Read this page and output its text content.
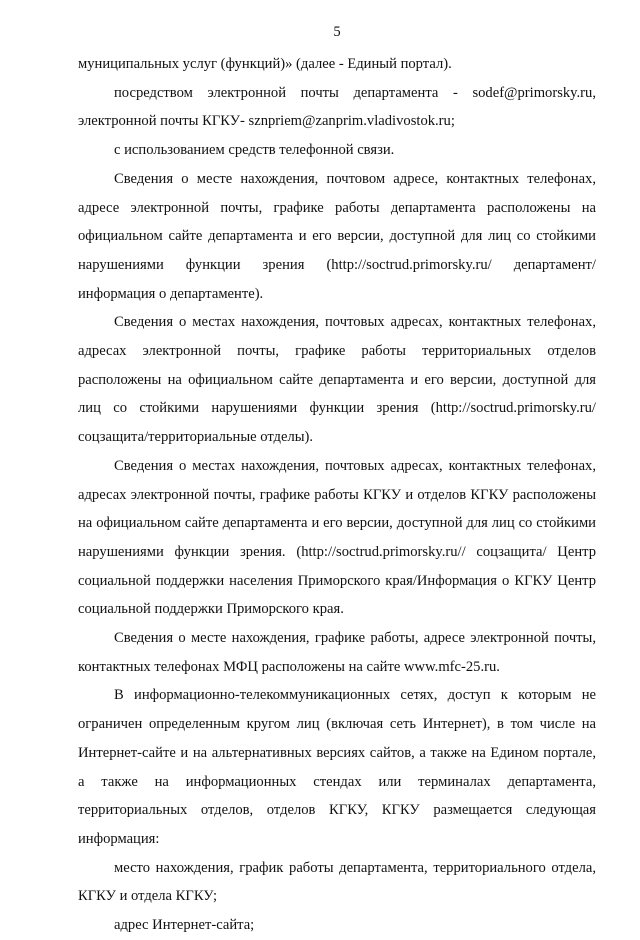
5

муниципальных услуг (функций)» (далее - Единый портал).

посредством электронной почты департамента - sodef@primorsky.ru, электронной почты КГКУ- sznpriem@zanprim.vladivostok.ru;

с использованием средств телефонной связи.

Сведения о месте нахождения, почтовом адресе, контактных телефонах, адресе электронной почты, графике работы департамента расположены на официальном сайте департамента и его версии, доступной для лиц со стойкими нарушениями функции зрения (http://soctrud.primorsky.ru/ департамент/информация о департаменте).

Сведения о местах нахождения, почтовых адресах, контактных телефонах, адресах электронной почты, графике работы территориальных отделов расположены на официальном сайте департамента и его версии, доступной для лиц со стойкими нарушениями функции зрения (http://soctrud.primorsky.ru/ соцзащита/территориальные отделы).

Сведения о местах нахождения, почтовых адресах, контактных телефонах, адресах электронной почты, графике работы КГКУ и отделов КГКУ расположены на официальном сайте департамента и его версии, доступной для лиц со стойкими нарушениями функции зрения. (http://soctrud.primorsky.ru// соцзащита/ Центр социальной поддержки населения Приморского края/Информация о КГКУ Центр социальной поддержки Приморского края.

Сведения о месте нахождения, графике работы, адресе электронной почты, контактных телефонах МФЦ расположены на сайте www.mfc-25.ru.

В информационно-телекоммуникационных сетях, доступ к которым не ограничен определенным кругом лиц (включая сеть Интернет), в том числе на Интернет-сайте и на альтернативных версиях сайтов, а также на Едином портале, а также на информационных стендах или терминалах департамента, территориальных отделов, отделов КГКУ, КГКУ размещается следующая информация:

место нахождения, график работы департамента, территориального отдела, КГКУ и отдела КГКУ;

адрес Интернет-сайта;
